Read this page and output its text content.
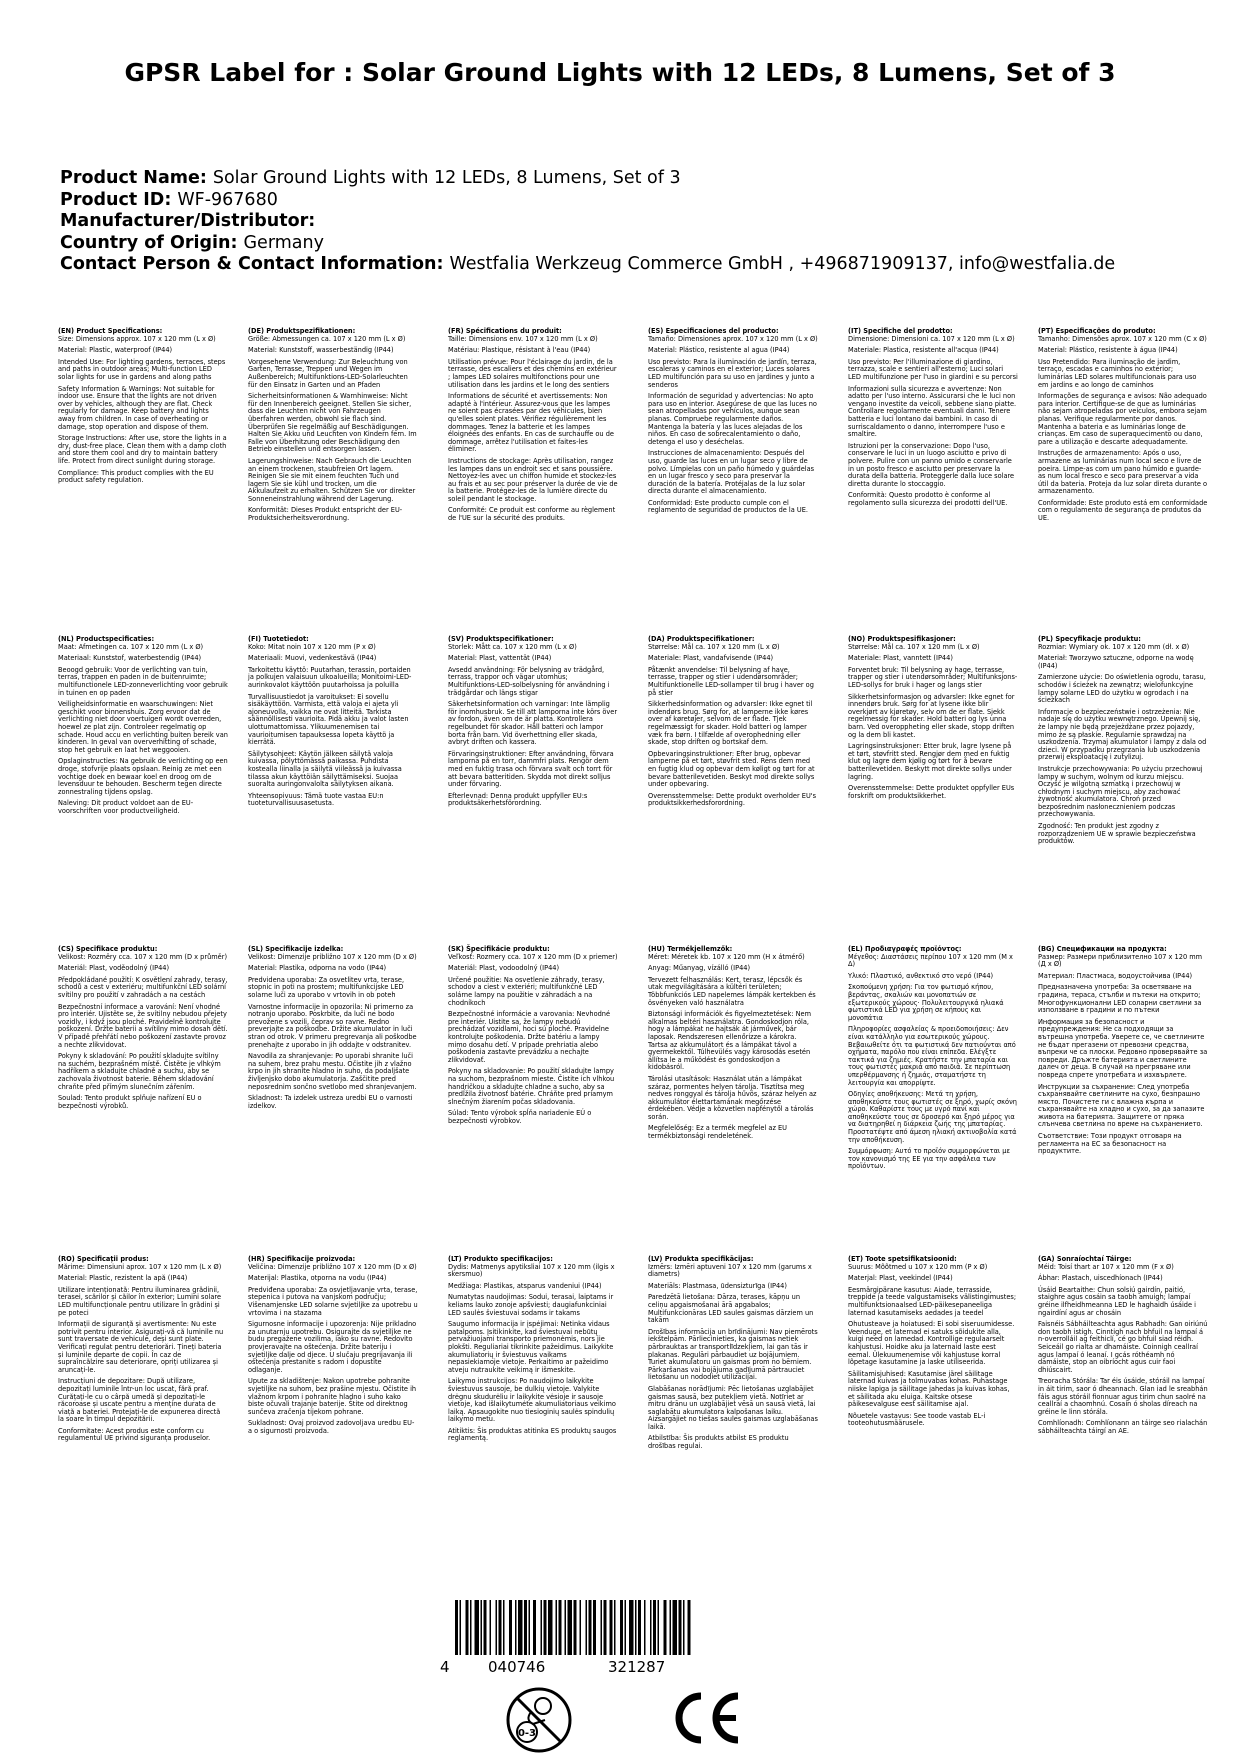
GPSR Label for : Solar Ground Lights with 12 LEDs, 8 Lumens, Set of 3
Product Name: Solar Ground Lights with 12 LEDs, 8 Lumens, Set of 3
Product ID: WF-967680
Manufacturer/Distributor:
Country of Origin: Germany
Contact Person & Contact Information: Westfalia Werkzeug Commerce GmbH , +496871909137, info@westfalia.de
(EN) Product Specifications:

Size: Dimensions approx. 107 x 120 mm (L x Ø)

Material: Plastic, waterproof (IP44)

Intended Use: For lighting gardens, terraces, steps and paths in outdoor areas; Multi-function LED solar lights for use in gardens and along paths

Safety Information & Warnings: Not suitable for indoor use. Ensure that the lights are not driven over by vehicles, although they are flat. Check regularly for damage. Keep battery and lights away from children. In case of overheating or damage, stop operation and dispose of them.

Storage Instructions: After use, store the lights in a dry, dust-free place. Clean them with a damp cloth and store them cool and dry to maintain battery life. Protect from direct sunlight during storage.

Compliance: This product complies with the EU product safety regulation.

(DE) Produktspezifikationen:

Größe: Abmessungen ca. 107 x 120 mm (L x Ø)

Material: Kunststoff, wasserbeständig (IP44)

Vorgesehene Verwendung: Zur Beleuchtung von Garten, Terrasse, Treppen und Wegen im Außenbereich; Multifunktions-LED-Solarleuchten für den Einsatz in Garten und an Pfaden

Sicherheitsinformationen & Warnhinweise: Nicht für den Innenbereich geeignet. Stellen Sie sicher, dass die Leuchten nicht von Fahrzeugen überfahren werden, obwohl sie flach sind. Überprüfen Sie regelmäßig auf Beschädigungen. Halten Sie Akku und Leuchten von Kindern fern. Im Falle von Überhitzung oder Beschädigung den Betrieb einstellen und entsorgen lassen.

Lagerungshinweise: Nach Gebrauch die Leuchten an einem trockenen, staubfreien Ort lagern. Reinigen Sie sie mit einem feuchten Tuch und lagern Sie sie kühl und trocken, um die Akkulaufzeit zu erhalten. Schützen Sie vor direkter Sonneneinstrahlung während der Lagerung.

Konformität: Dieses Produkt entspricht der EU-Produktsicherheitsverordnung.

(FR) Spécifications du produit:

Taille: Dimensions env. 107 x 120 mm (L x Ø)

Matériau: Plastique, résistant à l'eau (IP44)

Utilisation prévue: Pour l'éclairage du jardin, de la terrasse, des escaliers et des chemins en extérieur ; lampes LED solaires multifonctions pour une utilisation dans les jardins et le long des sentiers

Informations de sécurité et avertissements: Non adapté à l'intérieur. Assurez-vous que les lampes ne soient pas écrasées par des véhicules, bien qu'elles soient plates. Vérifiez régulièrement les dommages. Tenez la batterie et les lampes éloignées des enfants. En cas de surchauffe ou de dommage, arrêtez l'utilisation et faites-les éliminer.

Instructions de stockage: Après utilisation, rangez les lampes dans un endroit sec et sans poussière. Nettoyez-les avec un chiffon humide et stockez-les au frais et au sec pour préserver la durée de vie de la batterie. Protégez-les de la lumière directe du soleil pendant le stockage.

Conformité: Ce produit est conforme au règlement de l'UE sur la sécurité des produits.

(ES) Especificaciones del producto:

Tamaño: Dimensiones aprox. 107 x 120 mm (L x Ø)

Material: Plástico, resistente al agua (IP44)

Uso previsto: Para la iluminación de jardín, terraza, escaleras y caminos en el exterior; Luces solares LED multifunción para su uso en jardines y junto a senderos

Información de seguridad y advertencias: No apto para uso en interior. Asegúrese de que las luces no sean atropelladas por vehículos, aunque sean planas. Compruebe regularmente daños. Mantenga la batería y las luces alejadas de los niños. En caso de sobrecalentamiento o daño, detenga el uso y deséchelas.

Instrucciones de almacenamiento: Después del uso, guarde las luces en un lugar seco y libre de polvo. Límpielas con un paño húmedo y guárdelas en un lugar fresco y seco para preservar la duración de la batería. Protéjalas de la luz solar directa durante el almacenamiento.

Conformidad: Este producto cumple con el reglamento de seguridad de productos de la UE.

(IT) Specifiche del prodotto:

Dimensione: Dimensioni ca. 107 x 120 mm (L x Ø)

Materiale: Plastica, resistente all'acqua (IP44)

Uso previsto: Per l'illuminazione di giardino, terrazza, scale e sentieri all'esterno; Luci solari LED multifunzione per l'uso in giardini e su percorsi

Informazioni sulla sicurezza e avvertenze: Non adatto per l'uso interno. Assicurarsi che le luci non vengano investite da veicoli, sebbene siano piatte. Controllare regolarmente eventuali danni. Tenere batteria e luci lontano dai bambini. In caso di surriscaldamento o danno, interrompere l'uso e smaltire.

Istruzioni per la conservazione: Dopo l'uso, conservare le luci in un luogo asciutto e privo di polvere. Pulire con un panno umido e conservarle in un posto fresco e asciutto per preservare la durata della batteria. Proteggerle dalla luce solare diretta durante lo stoccaggio.

Conformità: Questo prodotto è conforme al regolamento sulla sicurezza dei prodotti dell'UE.

(PT) Especificações do produto:

Tamanho: Dimensões aprox. 107 x 120 mm (C x Ø)

Material: Plástico, resistente à água (IP44)

Uso Pretendido: Para iluminação de jardim, terraço, escadas e caminhos no exterior; luminárias LED solares multifuncionais para uso em jardins e ao longo de caminhos

Informações de segurança e avisos: Não adequado para interior. Certifique-se de que as luminárias não sejam atropeladas por veículos, embora sejam planas. Verifique regularmente por danos. Mantenha a bateria e as luminárias longe de crianças. Em caso de superaquecimento ou dano, pare a utilização e descarte adequadamente.

Instruções de armazenamento: Após o uso, armazene as luminárias num local seco e livre de poeira. Limpe-as com um pano húmido e guarde-as num local fresco e seco para preservar a vida útil da bateria. Proteja da luz solar direta durante o armazenamento.

Conformidade: Este produto está em conformidade com o regulamento de segurança de produtos da UE.

(NL) Productspecificaties:

Maat: Afmetingen ca. 107 x 120 mm (L x Ø)

Materiaal: Kunststof, waterbestendig (IP44)

Beoogd gebruik: Voor de verlichting van tuin, terras, trappen en paden in de buitenruimte; multifunctionele LED-zonneverlichting voor gebruik in tuinen en op paden

Veiligheidsinformatie en waarschuwingen: Niet geschikt voor binnenshuis. Zorg ervoor dat de verlichting niet door voertuigen wordt overreden, hoewel ze plat zijn. Controleer regelmatig op schade. Houd accu en verlichting buiten bereik van kinderen. In geval van oververhitting of schade, stop het gebruik en laat het weggooien.

Opslaginstructies: Na gebruik de verlichting op een droge, stofvrije plaats opslaan. Reinig ze met een vochtige doek en bewaar koel en droog om de levensduur te behouden. Bescherm tegen directe zonnestraling tijdens opslag.

Naleving: Dit product voldoet aan de EU-voorschriften voor productveiligheid.

(FI) Tuotetiedot:

Koko: Mitat noin 107 x 120 mm (P x Ø)

Materiaali: Muovi, vedenkestävä (IP44)

Tarkoitettu käyttö: Puutarhan, terassin, portaiden ja polkujen valaisuun ulkoalueilla; Monitoimi-LED-aurinkovalot käyttöön puutarhoissa ja poluilla

Turvallisuustiedot ja varoitukset: Ei sovellu sisäkäyttöön. Varmista, että valoja ei ajeta yli ajoneuvolla, vaikka ne ovat litteitä. Tarkista säännöllisesti vaurioita. Pidä akku ja valot lasten ulottumattomissa. Ylikuumenemisen tai vaurioitumisen tapauksessa lopeta käyttö ja kierrätä.

Säilytysohjeet: Käytön jälkeen säilytä valoja kuivassa, pölyttömässä paikassa. Puhdista kostealla liinalla ja säilytä viileässä ja kuivassa tilassa akun käyttöiän säilyttämiseksi. Suojaa suoralta auringonvalolta säilytyksen aikana.

Yhteensopivuus: Tämä tuote vastaa EU:n tuoteturvallisuusasetusta.

(SV) Produktspecifikationer:

Storlek: Mått ca. 107 x 120 mm (L x Ø)

Material: Plast, vattentät (IP44)

Avsedd användning: För belysning av trädgård, terrass, trappor och vägar utomhus; Multifunktions-LED-solbelysning för användning i trädgårdar och längs stigar

Säkerhetsinformation och varningar: Inte lämplig för inomhusbruk. Se till att lamporna inte körs över av fordon, även om de är platta. Kontrollera regelbundet för skador. Håll batteri och lampor borta från barn. Vid överhettning eller skada, avbryt driften och kassera.

Förvaringsinstruktioner: Efter användning, förvara lamporna på en torr, dammfri plats. Rengör dem med en fuktig trasa och förvara svalt och torrt för att bevara batteritiden. Skydda mot direkt solljus under förvaring.

Efterlevnad: Denna produkt uppfyller EU:s produktsäkerhetsförordning.

(DA) Produktspecifikationer:

Størrelse: Mål ca. 107 x 120 mm (L x Ø)

Materiale: Plast, vandafvisende (IP44)

Påtænkt anvendelse: Til belysning af have, terrasse, trapper og stier i udendørsområder; Multifunktionelle LED-sollamper til brug i haver og på stier

Sikkerhedsinformation og advarsler: Ikke egnet til indendørs brug. Sørg for, at lamperne ikke køres over af køretøjer, selvom de er flade. Tjek regelmæssigt for skader. Hold batteri og lamper væk fra børn. I tilfælde af overophedning eller skade, stop driften og bortskaf dem.

Opbevaringsinstruktioner: Efter brug, opbevar lamperne på et tørt, støvfrit sted. Rens dem med en fugtig klud og opbevar dem køligt og tørt for at bevare batterilevetiden. Beskyt mod direkte sollys under opbevaring.

Overensstemmelse: Dette produkt overholder EU's produktsikkerhedsforordning.

(NO) Produktspesifikasjoner:

Størrelse: Mål ca. 107 x 120 mm (L x Ø)

Materiale: Plast, vanntett (IP44)

Forventet bruk: Til belysning av hage, terrasse, trapper og stier i utendørsområder; Multifunksjons-LED-sollys for bruk i hager og langs stier

Sikkerhetsinformasjon og advarsler: Ikke egnet for innendørs bruk. Sørg for at lysene ikke blir overkjørt av kjøretøy, selv om de er flate. Sjekk regelmessig for skader. Hold batteri og lys unna barn. Ved overoppheting eller skade, stopp driften og la dem bli kastet.

Lagringsinstruksjoner: Etter bruk, lagre lysene på et tørt, støvfritt sted. Rengjør dem med en fuktig klut og lagre dem kjølig og tørt for å bevare batterilevetiden. Beskytt mot direkte sollys under lagring.

Overensstemmelse: Dette produktet oppfyller EUs forskrift om produktsikkerhet.

(PL) Specyfikacje produktu:

Rozmiar: Wymiary ok. 107 x 120 mm (dł. x Ø)

Materiał: Tworzywo sztuczne, odporne na wodę (IP44)

Zamierzone użycie: Do oświetlenia ogrodu, tarasu, schodów i ścieżek na zewnątrz; wielofunkcyjne lampy solarne LED do użytku w ogrodach i na ścieżkach

Informacje o bezpieczeństwie i ostrzeżenia: Nie nadaje się do użytku wewnętrznego. Upewnij się, że lampy nie będą przejeżdżane przez pojazdy, mimo że są płaskie. Regularnie sprawdzaj na uszkodzenia. Trzymaj akumulator i lampy z dala od dzieci. W przypadku przegrzania lub uszkodzenia przerwij eksploatację i zutylizuj.

Instrukcje przechowywania: Po użyciu przechowuj lampy w suchym, wolnym od kurzu miejscu. Oczyść je wilgotną szmatką i przechowuj w chłodnym i suchym miejscu, aby zachować żywotność akumulatora. Chroń przed bezpośrednim nasłonecznieniem podczas przechowywania.

Zgodność: Ten produkt jest zgodny z rozporządzeniem UE w sprawie bezpieczeństwa produktów.

(CS) Specifikace produktu:

Velikost: Rozměry cca. 107 x 120 mm (D x průměr)

Materiál: Plast, voděodolný (IP44)

Předpokládané použití: K osvětlení zahrady, terasy, schodů a cest v exteriéru; multifunkční LED solární svítilny pro použití v zahradách a na cestách

Bezpečnostní informace a varování: Není vhodné pro interiér. Ujistěte se, že svítilny nebudou přejety vozidly, i když jsou ploché. Pravidelně kontrolujte poškození. Držte baterii a svítilny mimo dosah dětí. V případě přehřátí nebo poškození zastavte provoz a nechte zlikvidovat.

Pokyny k skladování: Po použití skladujte svítilny na suchém, bezprašném místě. Čistěte je vlhkým hadříkem a skladujte chladně a suchu, aby se zachovala životnost baterie. Během skladování chraňte před přímým slunečním zářením.

Soulad: Tento produkt splňuje nařízení EU o bezpečnosti výrobků.

(SL) Specifikacije izdelka:

Velikost: Dimenzije približno 107 x 120 mm (D x Ø)

Material: Plastika, odporna na vodo (IP44)

Predvidena uporaba: Za osvetlitev vrta, terase, stopnic in poti na prostem; multifunkcijske LED solarne luči za uporabo v vrtovih in ob poteh

Varnostne informacije in opozorila: Ni primerno za notranjo uporabo. Poskrbite, da luči ne bodo prevožene s vozili, čeprav so ravne. Redno preverjajte za poškodbe. Držite akumulator in luči stran od otrok. V primeru pregrevanja ali poškodbe prenehajte z uporabo in jih oddajte v odstranitev.

Navodila za shranjevanje: Po uporabi shranite luči na suhem, brez prahu mestu. Očistite jih z vlažno krpo in jih shranite hladno in suho, da podaljšate življenjsko dobo akumulatorja. Zaščitite pred neposrednim sončno svetlobo med shranjevanjem.

Skladnost: Ta izdelek ustreza uredbi EU o varnosti izdelkov.

(SK) Špecifikácie produktu:

Veľkosť: Rozmery cca. 107 x 120 mm (D x priemer)

Materiál: Plast, vodoodolný (IP44)

Určené použitie: Na osvetlenie záhrady, terasy, schodov a ciest v exteriéri; multifunkčné LED solárne lampy na použitie v záhradách a na chodníkoch

Bezpečnostné informácie a varovania: Nevhodné pre interiér. Uistite sa, že lampy nebudú prechádzať vozidlami, hoci sú ploché. Pravidelne kontrolujte poškodenia. Držte batériu a lampy mimo dosahu detí. V prípade prehriatia alebo poškodenia zastavte prevádzku a nechajte zlikvidovať.

Pokyny na skladovanie: Po použití skladujte lampy na suchom, bezprašnom mieste. Čistite ich vlhkou handričkou a skladujte chladne a sucho, aby sa predĺžila životnosť batérie. Chráňte pred priamym slnečným žiarením počas skladovania.

Súlad: Tento výrobok spĺňa nariadenie EÚ o bezpečnosti výrobkov.

(HU) Termékjellemzők:

Méret: Méretek kb. 107 x 120 mm (H x átmérő)

Anyag: Műanyag, vízálló (IP44)

Tervezett felhasználás: Kert, terasz, lépcsők és utak megvilágítására a kültéri területen; Többfunkciós LED napelemes lámpák kertekben és ösvényeken való használatra

Biztonsági információk és figyelmeztetések: Nem alkalmas beltéri használatra. Gondoskodjon róla, hogy a lámpákat ne hajtsák át járművek, bár laposak. Rendszeresen ellenőrizze a károkra. Tartsa az akkumulátort és a lámpákat távol a gyermekektől. Túlhevülés vagy károsodás esetén állítsa le a működést és gondoskodjon a kidobásról.

Tárolási utasítások: Használat után a lámpákat száraz, pormentes helyen tárolja. Tisztítsa meg nedves ronggyal és tárolja hűvös, száraz helyen az akkumulátor élettartamának megőrzése érdekében. Védje a közvetlen napfénytől a tárolás során.

Megfelelőség: Ez a termék megfelel az EU termékbiztonsági rendeletének.

(EL) Προδιαγραφές προϊόντος:

Μέγεθος: Διαστάσεις περίπου 107 x 120 mm (Μ x Δ)

Υλικό: Πλαστικό, ανθεκτικό στο νερό (IP44)

Σκοπούμενη χρήση: Για τον φωτισμό κήπου, βεράντας, σκαλιών και μονοπατιών σε εξωτερικούς χώρους· Πολυλειτουργικά ηλιακά φωτιστικά LED για χρήση σε κήπους και μονοπάτια

Πληροφορίες ασφαλείας & προειδοποιήσεις: Δεν είναι κατάλληλο για εσωτερικούς χώρους. Βεβαιωθείτε ότι τα φωτιστικά δεν πατιούνται από οχήματα, παρόλο που είναι επίπεδα. Ελέγξτε τακτικά για ζημιές. Κρατήστε την μπαταρία και τους φωτιστές μακριά από παιδιά. Σε περίπτωση υπερθέρμανσης ή ζημιάς, σταματήστε τη λειτουργία και απορρίψτε.

Οδηγίες αποθήκευσης: Μετά τη χρήση, αποθηκεύστε τους φωτιστές σε ξηρό, χωρίς σκόνη χώρο. Καθαρίστε τους με υγρό πανί και αποθηκεύστε τους σε δροσερό και ξηρό μέρος για να διατηρηθεί η διάρκεια ζωής της μπαταρίας. Προστατέψτε από άμεση ηλιακή ακτινοβολία κατά την αποθήκευση.

Συμμόρφωση: Αυτό το προϊόν συμμορφώνεται με τον κανονισμό της ΕΕ για την ασφάλεια των προϊόντων.

(BG) Спецификации на продукта:

Размер: Размери приблизително 107 x 120 mm (Д x Ø)

Материал: Пластмаса, водоустойчива (IP44)

Предназначена употреба: За осветяване на градина, тераса, стълби и пътеки на открито; Многофункционални LED соларни светлини за използване в градини и по пътеки

Информация за безопасност и предупреждения: Не са подходящи за вътрешна употреба. Уверете се, че светлините не бъдат прегазени от превозни средства, въпреки че са плоски. Редовно проверявайте за повреди. Дръжте батерията и светлините далеч от деца. В случай на прегряване или повреда спрете употребата и изхвърлете.

Инструкции за съхранение: След употреба съхранявайте светлините на сухо, безпрашно място. Почистете ги с влажна кърпа и съхранявайте на хладно и сухо, за да запазите живота на батерията. Защитете от пряка слънчева светлина по време на съхранението.

Съответствие: Този продукт отговаря на регламента на ЕС за безопасност на продуктите.

(RO) Specificații produs:

Mărime: Dimensiuni aprox. 107 x 120 mm (L x Ø)

Material: Plastic, rezistent la apă (IP44)

Utilizare intenționată: Pentru iluminarea grădinii, terasei, scărilor și căilor în exterior; Lumini solare LED multifuncționale pentru utilizare în grădini și pe poteci

Informații de siguranță și avertismente: Nu este potrivit pentru interior. Asigurați-vă că luminile nu sunt traversate de vehicule, deși sunt plate. Verificați regulat pentru deteriorări. Țineți bateria și luminile departe de copii. În caz de supraîncălzire sau deteriorare, opriți utilizarea și aruncați-le.

Instrucțiuni de depozitare: După utilizare, depozitați luminile într-un loc uscat, fără praf. Curățați-le cu o cârpă umedă și depozitați-le răcoroase și uscate pentru a menține durata de viață a bateriei. Protejați-le de expunerea directă la soare în timpul depozitării.

Conformitate: Acest produs este conform cu regulamentul UE privind siguranța produselor.

(HR) Specifikacije proizvoda:

Veličina: Dimenzije približno 107 x 120 mm (D x Ø)

Materijal: Plastika, otporna na vodu (IP44)

Predviđena uporaba: Za osvjetljavanje vrta, terase, stepenica i putova na vanjskom području; Višenamjenske LED solarne svjetiljke za upotrebu u vrtovima i na stazama

Sigurnosne informacije i upozorenja: Nije prikladno za unutarnju upotrebu. Osigurajte da svjetiljke ne budu pregažene vozilima, iako su ravne. Redovito provjeravajte na oštećenja. Držite bateriju i svjetiljke dalje od djece. U slučaju pregrijavanja ili oštećenja prestanite s radom i dopustite odlaganje.

Upute za skladištenje: Nakon upotrebe pohranite svjetiljke na suhom, bez prašine mjestu. Očistite ih vlažnom krpom i pohranite hladno i suho kako biste očuvali trajanje baterije. Štite od direktnog sunčeva zračenja tijekom pohrane.

Sukladnost: Ovaj proizvod zadovoljava uredbu EU-a o sigurnosti proizvoda.

(LT) Produkto specifikacijos:

Dydis: Matmenys apytiksliai 107 x 120 mm (ilgis x skersmuo)

Medžiaga: Plastikas, atsparus vandeniui (IP44)

Numatytas naudojimas: Sodui, terasai, laiptams ir keliams lauko zonoje apšviesti; daugiafunkciniai LED saulės šviestuvai sodams ir takams

Saugumo informacija ir įspėjimai: Netinka vidaus patalpoms. Įsitikinkite, kad šviestuvai nebūtų pervažiuojami transporto priemonėmis, nors jie plokšti. Reguliariai tikrinkite pažeidimus. Laikykite akumuliatorių ir šviestuvus vaikams nepasiekiamoje vietoje. Perkaitimo ar pažeidimo atveju nutraukite veikimą ir išmeskite.

Laikymo instrukcijos: Po naudojimo laikykite šviestuvus sausoje, be dulkių vietoje. Valykite drėgnu skudurėliu ir laikykite vėsioje ir sausoje vietoje, kad išlaikytumėte akumuliatoriaus veikimo laiką. Apsaugokite nuo tiesioginių saulės spindulių laikymo metu.

Atitiktis: Šis produktas atitinka ES produktų saugos reglamentą.

(LV) Produkta specifikācijas:

Izmērs: Izmēri aptuveni 107 x 120 mm (garums x diametrs)

Materiāls: Plastmasa, ūdensizturīga (IP44)

Paredzētā lietošana: Dārza, terases, kāpņu un celiņu apgaismošanai ārā apgabalos; Multifunkcionāras LED saules gaismas dārziem un takām

Drošības informācija un brīdinājumi: Nav piemērots iekštelpām. Pārliecinieties, ka gaismas netiek pārbrauktas ar transportlīdzekļiem, lai gan tās ir plakanas. Regulāri pārbaudiet uz bojājumiem. Turiet akumulatoru un gaismas prom no bērniem. Pārkaršanas vai bojājuma gadījumā pārtrauciet lietošanu un nododiet utilizācijai.

Glabāšanas norādījumi: Pēc lietošanas uzglabājiet gaismas sausā, bez putekļiem vietā. Notīriet ar mitru drānu un uzglabājiet vēsā un sausā vietā, lai saglabātu akumulatora kalpošanas laiku. Aizsargājiet no tiešas saules gaismas uzglabāšanas laikā.

Atbilstība: Šis produkts atbilst ES produktu drošības regulai.

(ET) Toote spetsifikatsioonid:

Suurus: Mõõtmed u 107 x 120 mm (P x Ø)

Materjal: Plast, veekindel (IP44)

Eesmärgipärane kasutus: Aiade, terrasside, treppide ja teede valgustamiseks välistingimustes; multifunktsionaalsed LED-päikesepaneeliga laternad kasutamiseks aedades ja teedel

Ohutusteave ja hoiatused: Ei sobi siseruumidesse. Veenduge, et laternad ei satuks sõidukite alla, kuigi need on lamedad. Kontrollige regulaarselt kahjustusi. Hoidke aku ja laternaid laste eest eemal. Ülekuumenemise või kahjustuse korral lõpetage kasutamine ja laske utiliseerida.

Säilitamisjuhised: Kasutamise järel säilitage laternad kuivas ja tolmuvabas kohas. Puhastage niiske lapiga ja säilitage jahedas ja kuivas kohas, et säilitada aku eluiga. Kaitske otsese päikesevalguse eest säilitamise ajal.

Nõuetele vastavus: See toode vastab EL-i tooteohutusmäärusele.

(GA) Sonraíochtaí Táirge:

Méid: Toisí thart ar 107 x 120 mm (F x Ø)

Ábhar: Plastach, uiscedhíonach (IP44)

Úsáid Beartaithe: Chun solsiú gairdín, paitió, staighre agus cosáin sa taobh amuigh; lampaí gréine ilfheidhmeanna LED le haghaidh úsáide i ngairdíní agus ar chosáin

Faisnéis Sábháilteachta agus Rabhadh: Gan oiriúnú don taobh istigh. Cinntigh nach bhfuil na lampaí á n-overrolláil ag feithiclí, cé go bhfuil siad réidh. Seiceáil go rialta ar dhamáiste. Coinnigh ceallraí agus lampaí ó leanaí. I gcás róthéamh nó damáiste, stop an oibríocht agus cuir faoi dhiúscairt.

Treoracha Stórála: Tar éis úsáide, stóráil na lampaí in áit tirim, saor ó dheannach. Glan iad le sreabhán fáis agus stóráil fionnuar agus tirim chun saolré na ceallraí a chaomhnú. Cosain ó sholas díreach na gréine le linn stórála.

Comhlíonadh: Comhlíonann an táirge seo rialachán sábháilteachta táirgí an AE.

4	040746	321287
0-3
